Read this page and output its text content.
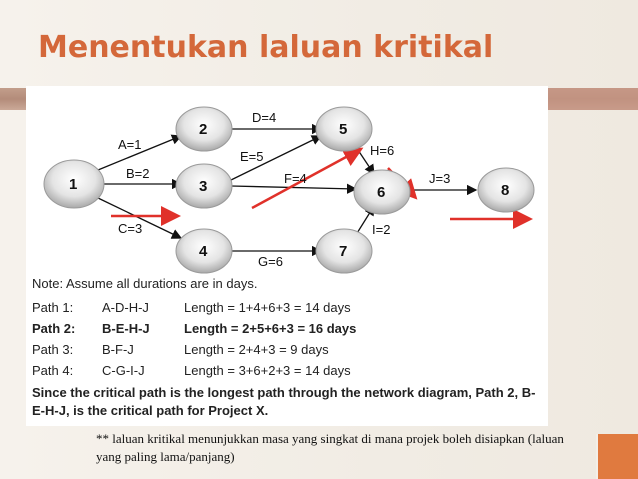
Menentukan laluan kritikal
1
2
3
4
5
6
7
8
A=1
B=2
C=3
D=4
E=5
F=4
G=6
H=6
I=2
J=3
Note: Assume all durations are in days.
Path 1: A-D-H-J	Length = 1+4+6+3 = 14 days
Path 2: B-E-H-J	Length = 2+5+6+3 = 16 days
Path 3: B-F-J	Length = 2+4+3 = 9 days
Path 4: C-G-I-J	Length = 3+6+2+3 = 14 days
Since the critical path is the longest path through the network diagram, Path 2, B-E-H-J, is the critical path for Project X.
** laluan kritikal menunjukkan masa yang singkat di mana projek boleh disiapkan (laluan yang paling lama/panjang)
